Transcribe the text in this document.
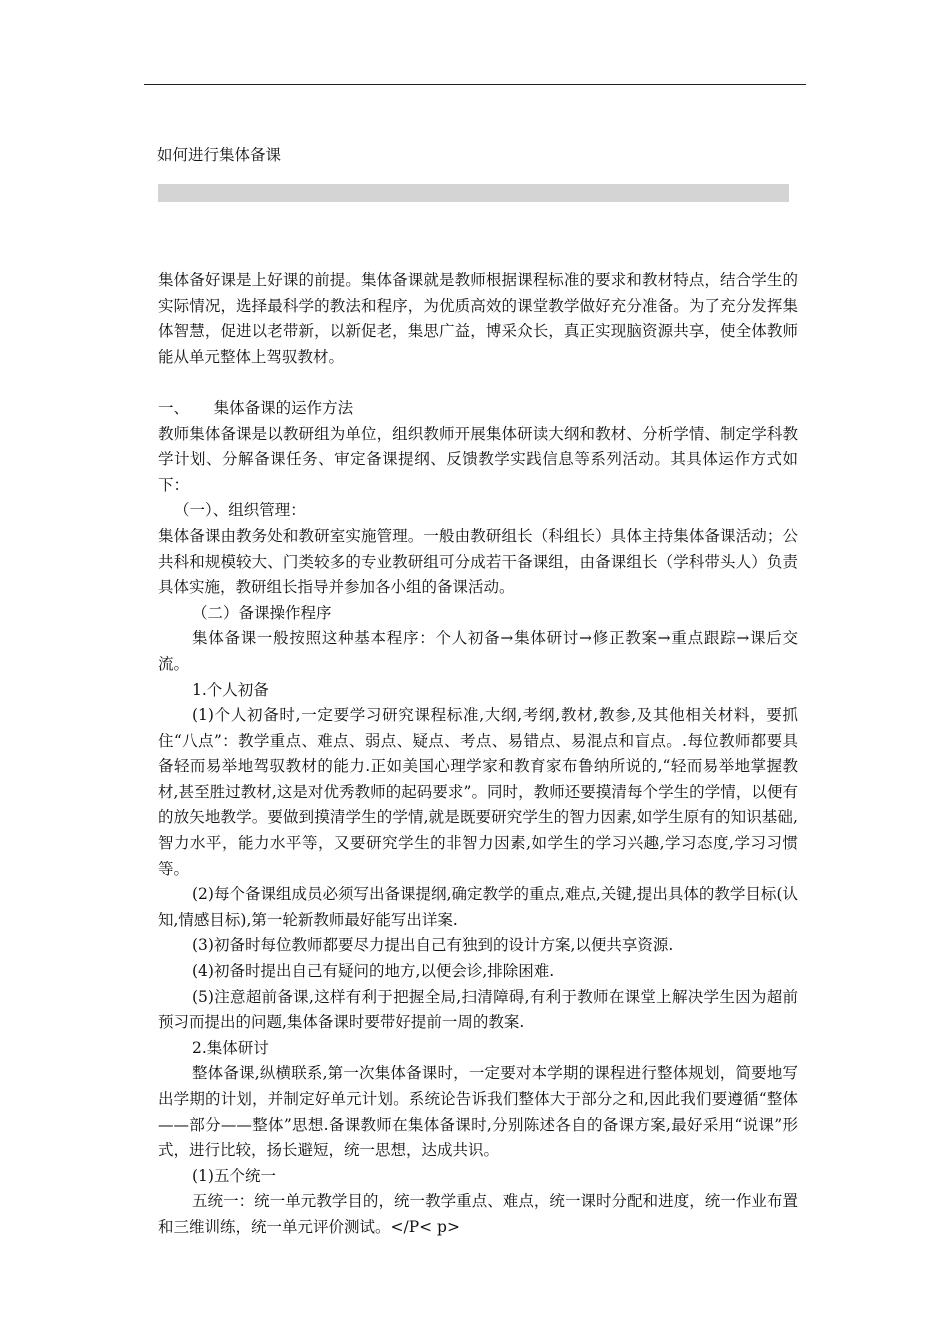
如何进行集体备课

集体备好课是上好课的前提。集体备课就是教师根据课程标准的要求和教材特点，结合学生的实际情况，选择最科学的教法和程序，为优质高效的课堂教学做好充分准备。为了充分发挥集体智慧，促进以老带新，以新促老，集思广益，博采众长，真正实现脑资源共享，使全体教师能从单元整体上驾驭教材。

一、     集体备课的运作方法

教师集体备课是以教研组为单位，组织教师开展集体研读大纲和教材、分析学情、制定学科教学计划、分解备课任务、审定备课提纲、反馈教学实践信息等系列活动。其具体运作方式如下：

（一）、组织管理：

集体备课由教务处和教研室实施管理。一般由教研组长（科组长）具体主持集体备课活动；公共科和规模较大、门类较多的专业教研组可分成若干备课组，由备课组长（学科带头人）负责具体实施，教研组长指导并参加各小组的备课活动。

（二）备课操作程序

集体备课一般按照这种基本程序：个人初备→集体研讨→修正教案→重点跟踪→课后交流。

1.个人初备

(1)个人初备时,一定要学习研究课程标准,大纲,考纲,教材,教参,及其他相关材料，要抓住“八点”：教学重点、难点、弱点、疑点、考点、易错点、易混点和盲点。.每位教师都要具备轻而易举地驾驭教材的能力.正如美国心理学家和教育家布鲁纳所说的,“轻而易举地掌握教材,甚至胜过教材,这是对优秀教师的起码要求”。同时，教师还要摸清每个学生的学情，以便有的放矢地教学。要做到摸清学生的学情,就是既要研究学生的智力因素,如学生原有的知识基础,智力水平，能力水平等，又要研究学生的非智力因素,如学生的学习兴趣,学习态度,学习习惯等。

(2)每个备课组成员必须写出备课提纲,确定教学的重点,难点,关键,提出具体的教学目标(认知,情感目标),第一轮新教师最好能写出详案.

(3)初备时每位教师都要尽力提出自己有独到的设计方案,以便共享资源.

(4)初备时提出自己有疑问的地方,以便会诊,排除困难.

(5)注意超前备课,这样有利于把握全局,扫清障碍,有利于教师在课堂上解决学生因为超前预习而提出的问题,集体备课时要带好提前一周的教案.

2.集体研讨

整体备课,纵横联系,第一次集体备课时，一定要对本学期的课程进行整体规划，简要地写出学期的计划，并制定好单元计划。系统论告诉我们整体大于部分之和,因此我们要遵循“整体——部分——整体”思想.备课教师在集体备课时,分别陈述各自的备课方案,最好采用“说课”形式，进行比较，扬长避短，统一思想，达成共识。

(1)五个统一

五统一：统一单元教学目的，统一教学重点、难点，统一课时分配和进度，统一作业布置和三维训练，统一单元评价测试。</P< p>
